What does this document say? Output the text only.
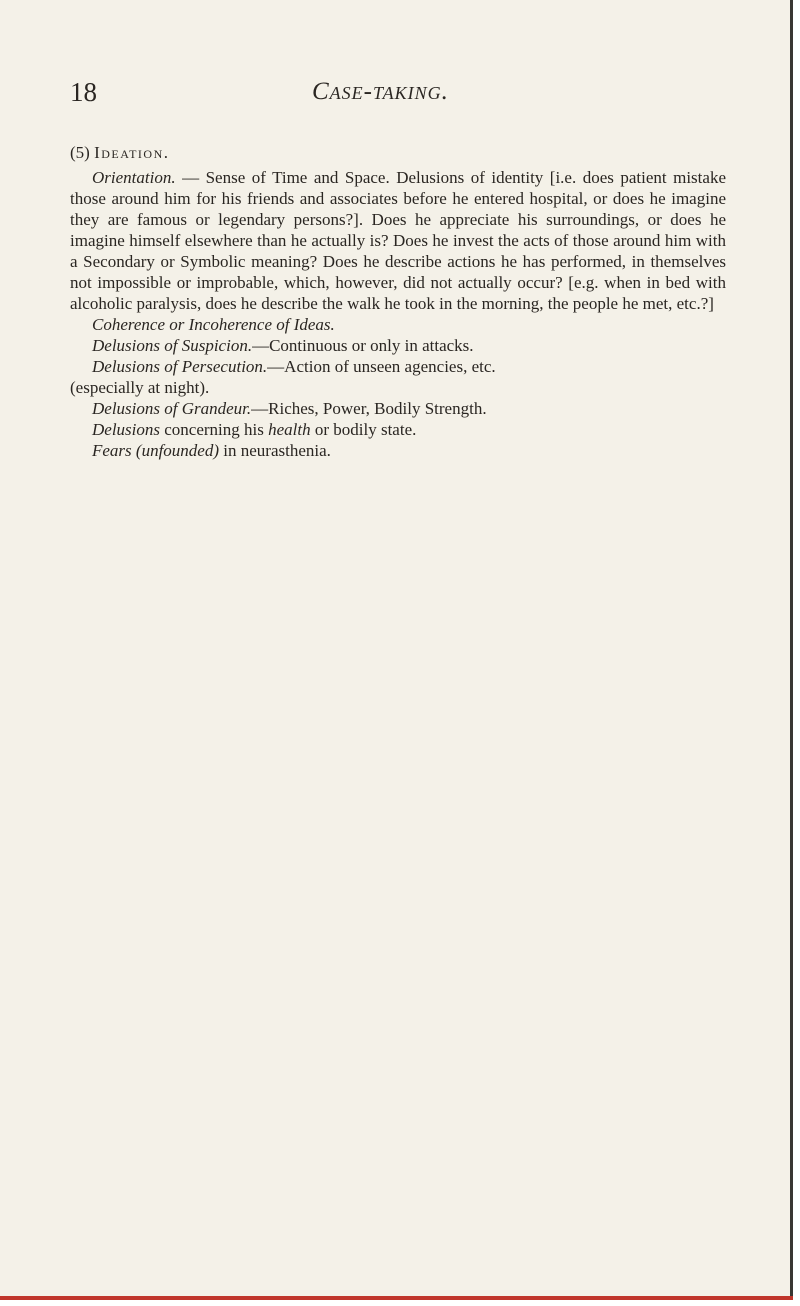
18	Case-taking.

(5) Ideation.

Orientation. — Sense of Time and Space. Delusions of identity [i.e. does patient mistake those around him for his friends and associates before he entered hospital, or does he imagine they are famous or legendary persons?]. Does he appreciate his surroundings, or does he imagine himself elsewhere than he actually is? Does he invest the acts of those around him with a Secondary or Symbolic meaning? Does he describe actions he has performed, in themselves not impossible or improbable, which, however, did not actually occur? [e.g. when in bed with alcoholic paralysis, does he describe the walk he took in the morning, the people he met, etc.?]

Coherence or Incoherence of Ideas.

Delusions of Suspicion.—Continuous or only in attacks.

Delusions of Persecution.—Action of unseen agencies, etc.

(especially at night).

Delusions of Grandeur.—Riches, Power, Bodily Strength.

Delusions concerning his health or bodily state.

Fears (unfounded) in neurasthenia.
